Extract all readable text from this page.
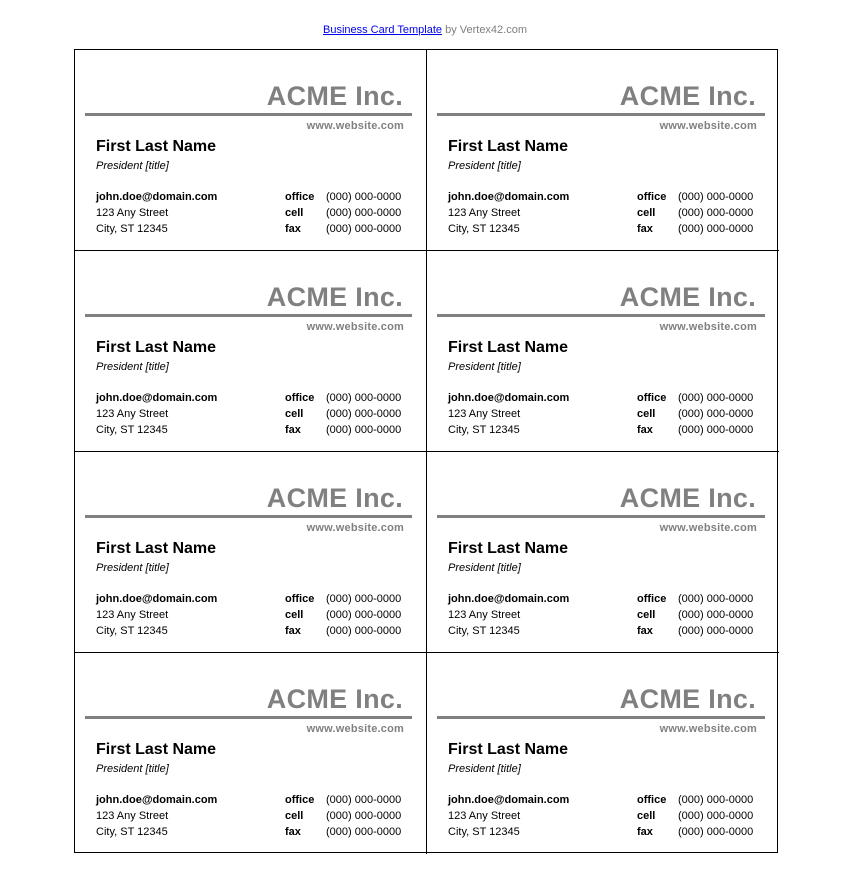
Business Card Template by Vertex42.com
ACME Inc.
www.website.com
First Last Name
President [title]
john.doe@domain.com
123 Any Street
City, ST 12345
office (000) 000-0000
cell (000) 000-0000
fax (000) 000-0000
ACME Inc.
www.website.com
First Last Name
President [title]
john.doe@domain.com
123 Any Street
City, ST 12345
office (000) 000-0000
cell (000) 000-0000
fax (000) 000-0000
ACME Inc.
www.website.com
First Last Name
President [title]
john.doe@domain.com
123 Any Street
City, ST 12345
office (000) 000-0000
cell (000) 000-0000
fax (000) 000-0000
ACME Inc.
www.website.com
First Last Name
President [title]
john.doe@domain.com
123 Any Street
City, ST 12345
office (000) 000-0000
cell (000) 000-0000
fax (000) 000-0000
ACME Inc.
www.website.com
First Last Name
President [title]
john.doe@domain.com
123 Any Street
City, ST 12345
office (000) 000-0000
cell (000) 000-0000
fax (000) 000-0000
ACME Inc.
www.website.com
First Last Name
President [title]
john.doe@domain.com
123 Any Street
City, ST 12345
office (000) 000-0000
cell (000) 000-0000
fax (000) 000-0000
ACME Inc.
www.website.com
First Last Name
President [title]
john.doe@domain.com
123 Any Street
City, ST 12345
office (000) 000-0000
cell (000) 000-0000
fax (000) 000-0000
ACME Inc.
www.website.com
First Last Name
President [title]
john.doe@domain.com
123 Any Street
City, ST 12345
office (000) 000-0000
cell (000) 000-0000
fax (000) 000-0000
